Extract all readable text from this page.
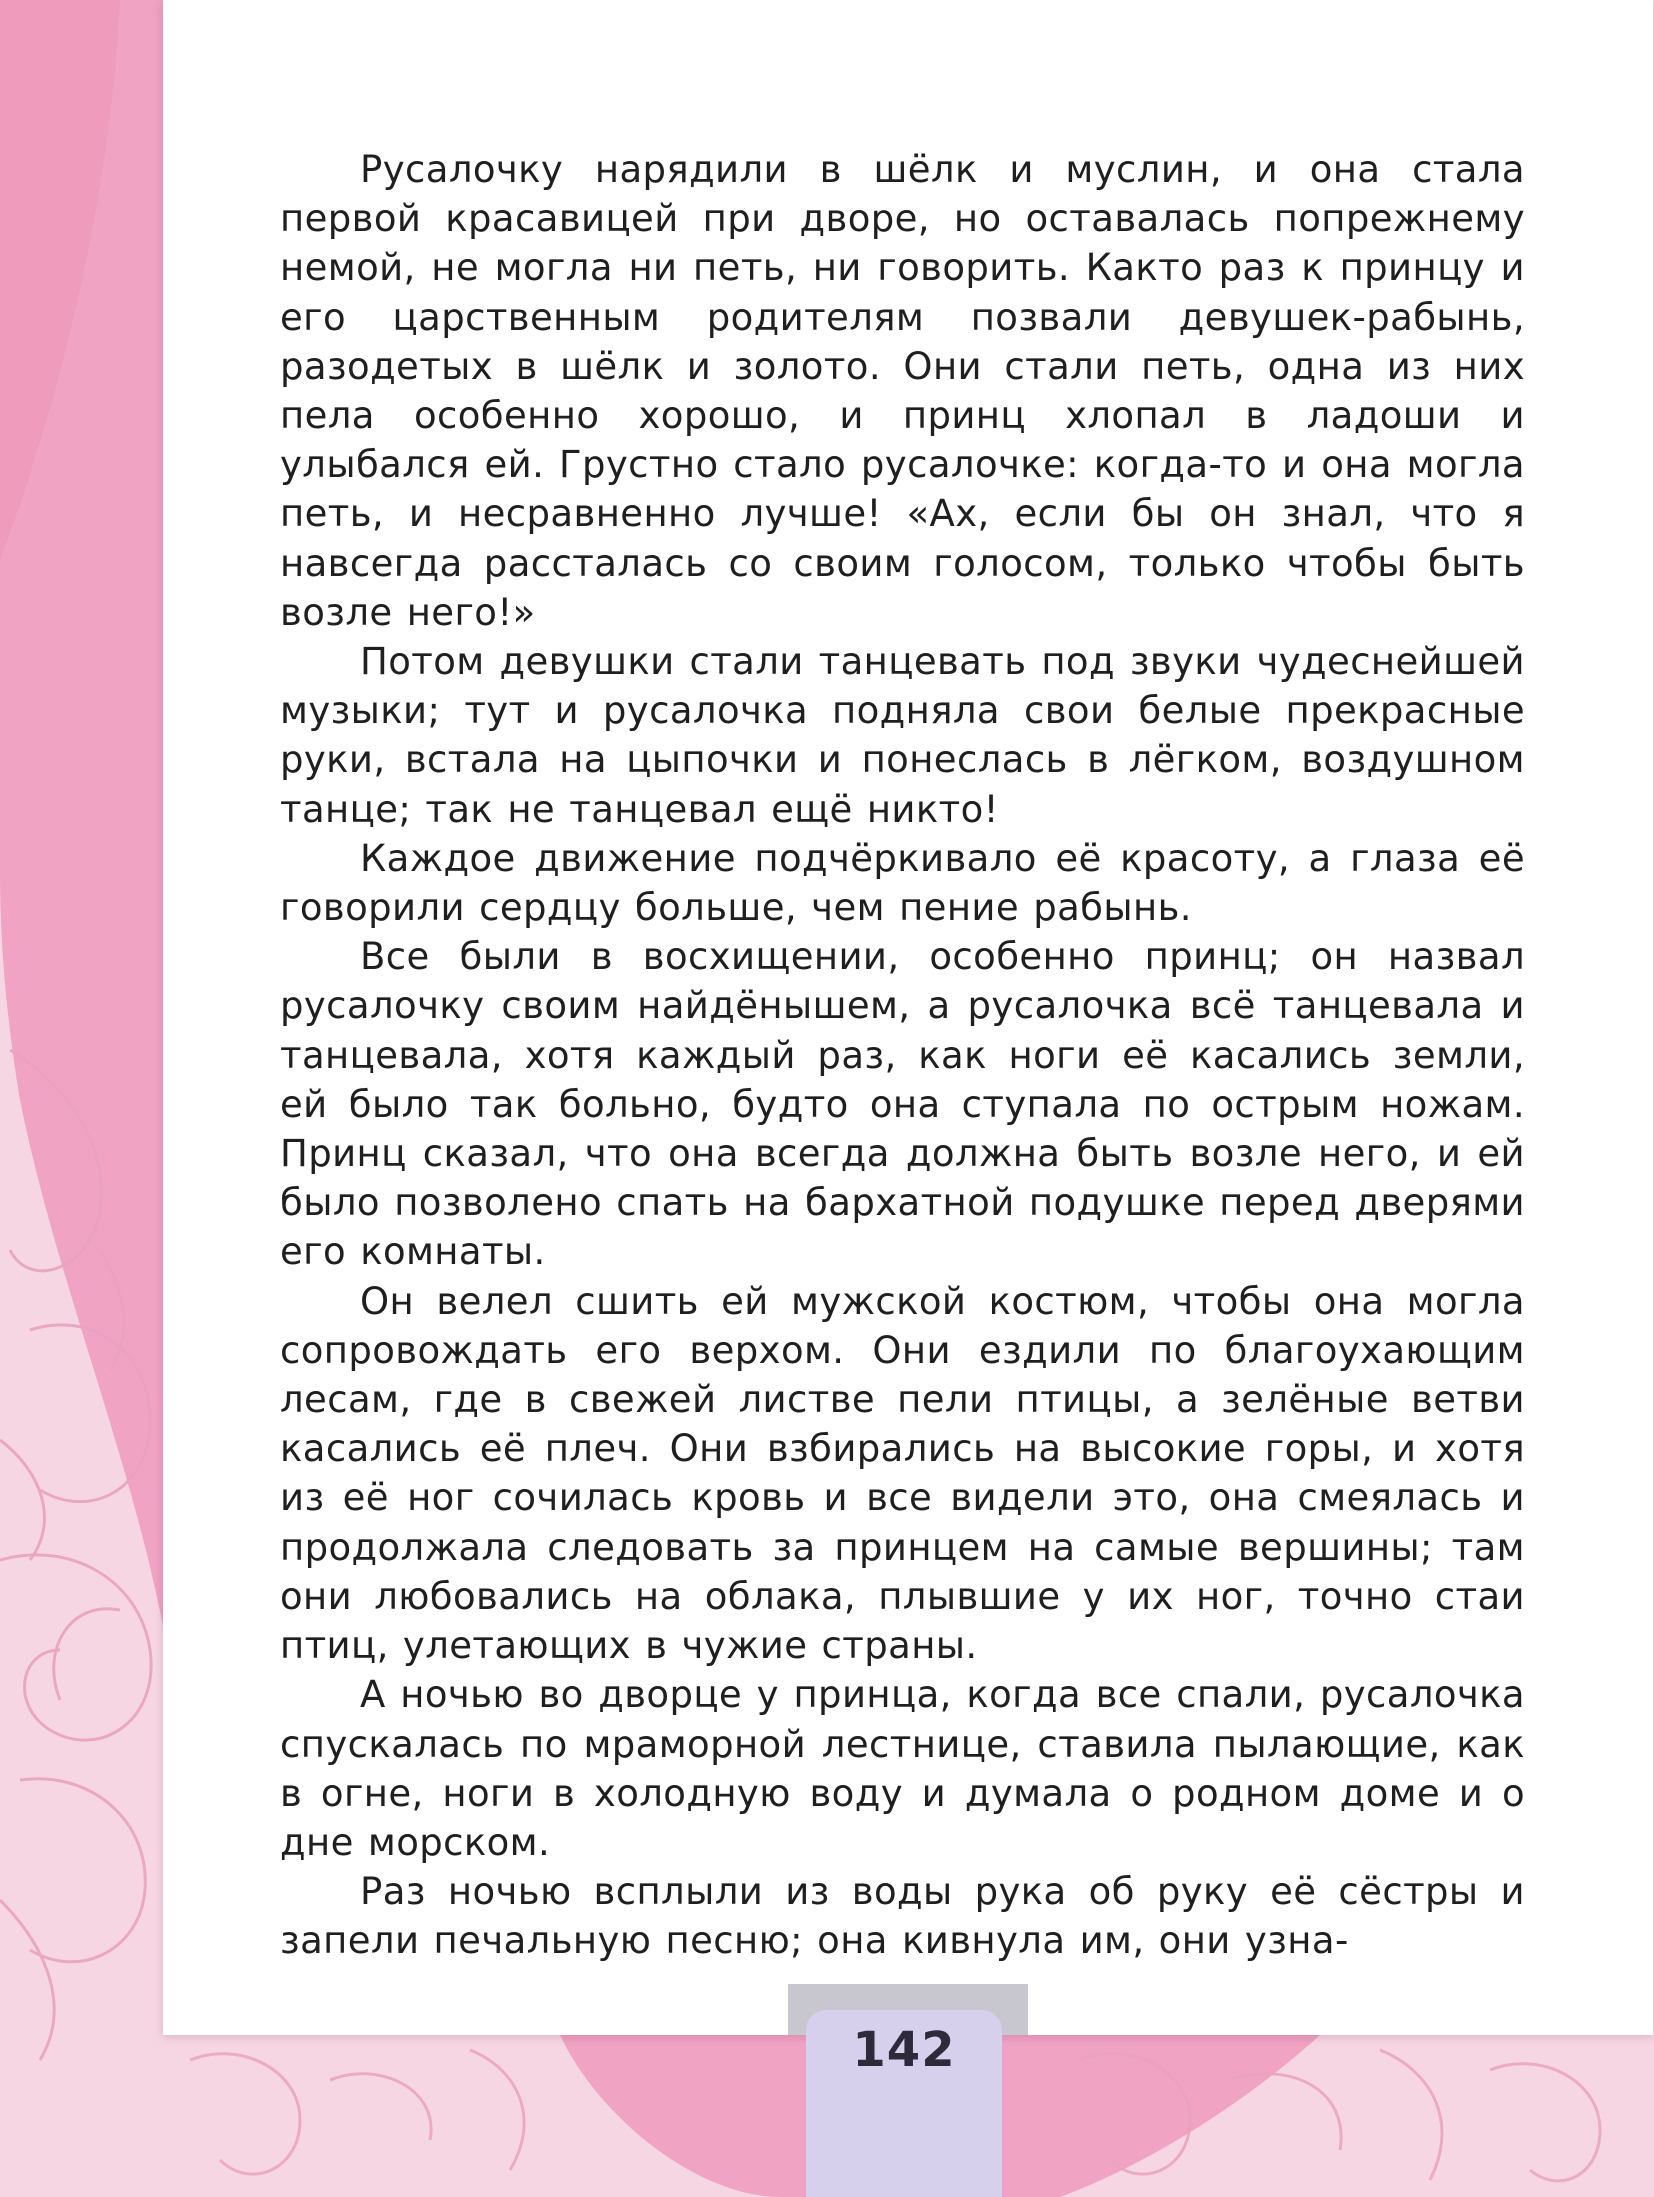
Русалочку нарядили в шёлк и муслин, и она стала первой красавицей при дворе, но оставалась попрежнему немой, не могла ни петь, ни говорить. Както раз к принцу и его царственным родителям позвали девушек-рабынь, разодетых в шёлк и золото. Они стали петь, одна из них пела особенно хорошо, и принц хлопал в ладоши и улыбался ей. Грустно стало русалочке: когда-то и она могла петь, и несравненно лучше! «Ах, если бы он знал, что я навсегда рассталась со своим голосом, только чтобы быть возле него!»

Потом девушки стали танцевать под звуки чудеснейшей музыки; тут и русалочка подняла свои белые прекрасные руки, встала на цыпочки и понеслась в лёгком, воздушном танце; так не танцевал ещё никто!

Каждое движение подчёркивало её красоту, а глаза её говорили сердцу больше, чем пение рабынь.

Все были в восхищении, особенно принц; он назвал русалочку своим найдёнышем, а русалочка всё танцевала и танцевала, хотя каждый раз, как ноги её касались земли, ей было так больно, будто она ступала по острым ножам. Принц сказал, что она всегда должна быть возле него, и ей было позволено спать на бархатной подушке перед дверями его комнаты.

Он велел сшить ей мужской костюм, чтобы она могла сопровождать его верхом. Они ездили по благоухающим лесам, где в свежей листве пели птицы, а зелёные ветви касались её плеч. Они взбирались на высокие горы, и хотя из её ног сочилась кровь и все видели это, она смеялась и продолжала следовать за принцем на самые вершины; там они любовались на облака, плывшие у их ног, точно стаи птиц, улетающих в чужие страны.

А ночью во дворце у принца, когда все спали, русалочка спускалась по мраморной лестнице, ставила пылающие, как в огне, ноги в холодную воду и думала о родном доме и о дне морском.

Раз ночью всплыли из воды рука об руку её сёстры и запели печальную песню; она кивнула им, они узна-

142
